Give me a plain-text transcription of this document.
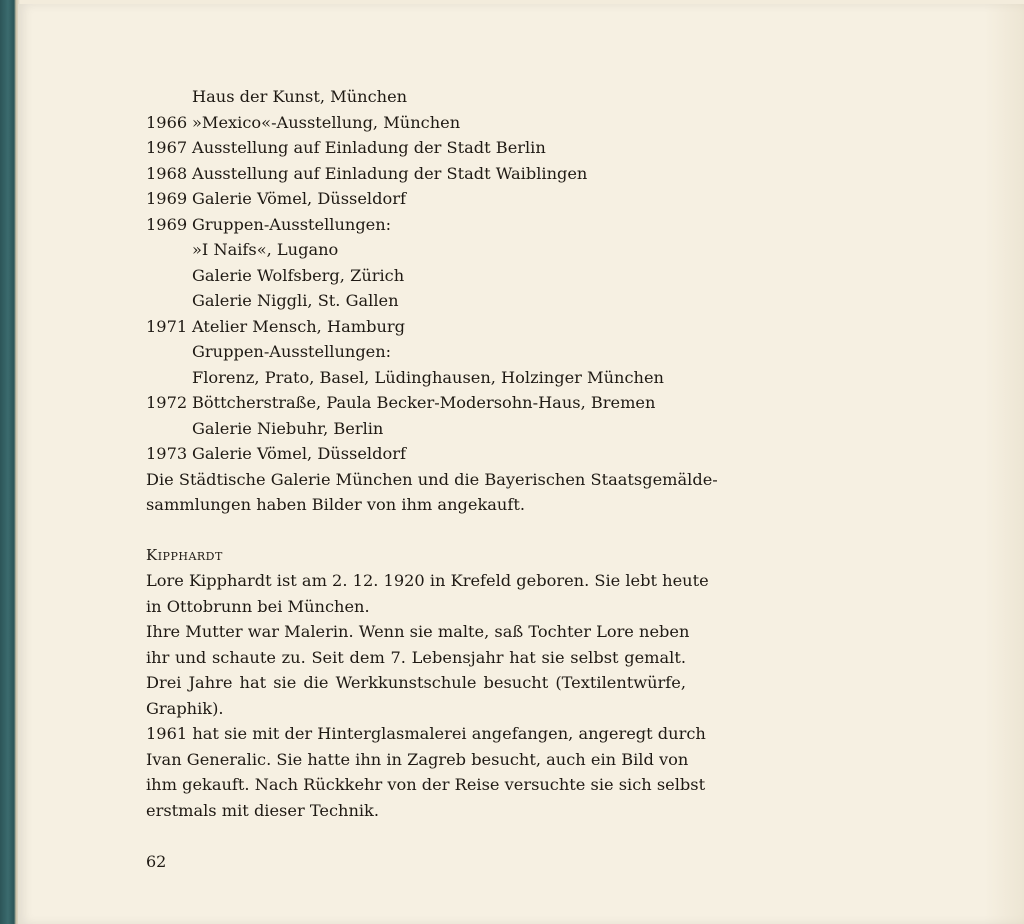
Haus der Kunst, München
1966 »Mexico«-Ausstellung, München
1967 Ausstellung auf Einladung der Stadt Berlin
1968 Ausstellung auf Einladung der Stadt Waiblingen
1969 Galerie Vömel, Düsseldorf
1969 Gruppen-Ausstellungen:
»I Naifs«, Lugano
Galerie Wolfsberg, Zürich
Galerie Niggli, St. Gallen
1971 Atelier Mensch, Hamburg
Gruppen-Ausstellungen:
Florenz, Prato, Basel, Lüdinghausen, Holzinger München
1972 Böttcherstraße, Paula Becker-Modersohn-Haus, Bremen
Galerie Niebuhr, Berlin
1973 Galerie Vömel, Düsseldorf
Die Städtische Galerie München und die Bayerischen Staatsgemälde-
sammlungen haben Bilder von ihm angekauft.
Kipphardt
Lore Kipphardt ist am 2. 12. 1920 in Krefeld geboren. Sie lebt heute
in Ottobrunn bei München.
Ihre Mutter war Malerin. Wenn sie malte, saß Tochter Lore neben
ihr und schaute zu. Seit dem 7. Lebensjahr hat sie selbst gemalt.
Drei Jahre hat sie die Werkkunstschule besucht (Textilentwürfe,
Graphik).
1961 hat sie mit der Hinterglasmalerei angefangen, angeregt durch
Ivan Generalic. Sie hatte ihn in Zagreb besucht, auch ein Bild von
ihm gekauft. Nach Rückkehr von der Reise versuchte sie sich selbst
erstmals mit dieser Technik.
62
